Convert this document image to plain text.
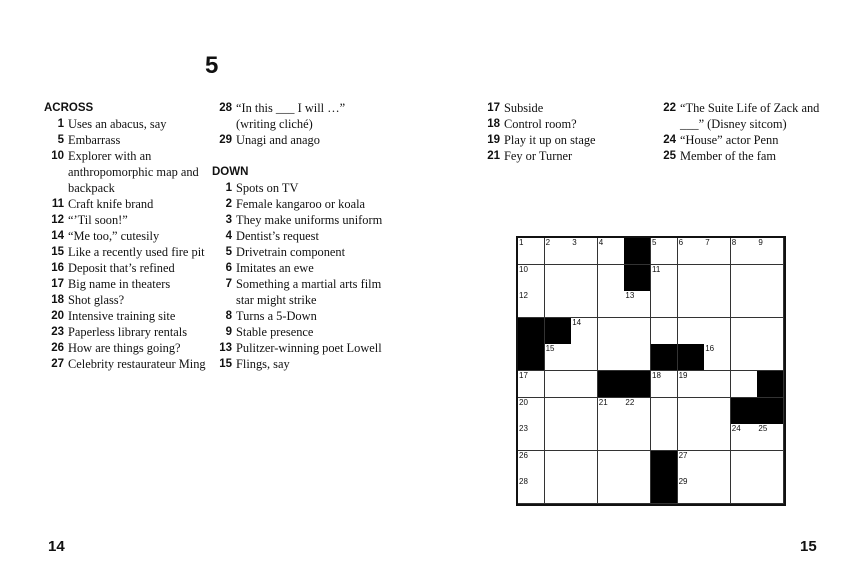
5
ACROSS
1 Uses an abacus, say
5 Embarrass
10 Explorer with an anthropomorphic map and backpack
11 Craft knife brand
12 “’Til soon!”
14 “Me too,” cutesily
15 Like a recently used fire pit
16 Deposit that’s refined
17 Big name in theaters
18 Shot glass?
20 Intensive training site
23 Paperless library rentals
26 How are things going?
27 Celebrity restaurateur Ming
28 “In this ___ I will …” (writing cliché)
29 Unagi and anago
DOWN
1 Spots on TV
2 Female kangaroo or koala
3 They make uniforms uniform
4 Dentist’s request
5 Drivetrain component
6 Imitates an ewe
7 Something a martial arts film star might strike
8 Turns a 5-Down
9 Stable presence
13 Pulitzer-winning poet Lowell
15 Flings, say
17 Subside
18 Control room?
19 Play it up on stage
21 Fey or Turner
22 “The Suite Life of Zack and ___” (Disney sitcom)
24 “House” actor Penn
25 Member of the fam
1	2	3	4	5	6	7	8	9
10	11
12	13
14
15	16
17	18 19
20	21 22
23	24 25
26	27
28	29
14	15
